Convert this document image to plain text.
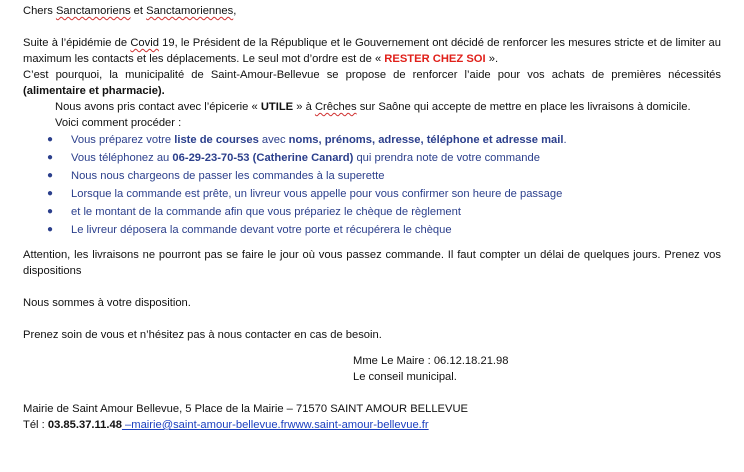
Chers Sanctamoriens et Sanctamoriennes,
Suite à l’épidémie de Covid 19, le Président de la République et le Gouvernement ont décidé de renforcer les mesures stricte et de limiter au maximum les contacts et les déplacements. Le seul mot d’ordre est de « RESTER CHEZ SOI ».
C’est pourquoi, la municipalité de Saint-Amour-Bellevue se propose de renforcer l’aide pour vos achats de premières nécessités (alimentaire et pharmacie).
Nous avons pris contact avec l’épicerie « UTILE » à Crêches sur Saône qui accepte de mettre en place les livraisons à domicile.
Voici comment procéder :
● Vous préparez votre liste de courses avec noms, prénoms, adresse, téléphone et adresse mail.
● Vous téléphonez au 06-29-23-70-53 (Catherine Canard) qui prendra note de votre commande
● Nous nous chargeons de passer les commandes à la superette
● Lorsque la commande est prête, un livreur vous appelle pour vous confirmer son heure de passage
● et le montant de la commande afin que vous prépariez le chèque de règlement
● Le livreur déposera la commande devant votre porte et récupérera le chèque
Attention, les livraisons ne pourront pas se faire le jour où vous passez commande. Il faut compter un délai de quelques jours. Prenez vos dispositions
Nous sommes à votre disposition.
Prenez soin de vous et n’hésitez pas à nous contacter en cas de besoin.
Mme Le Maire : 06.12.18.21.98
Le conseil municipal.
Mairie de Saint Amour Bellevue, 5 Place de la Mairie – 71570 SAINT AMOUR BELLEVUE
Tél : 03.85.37.11.48 –mairie@saint-amour-bellevue.frwww.saint-amour-bellevue.fr
